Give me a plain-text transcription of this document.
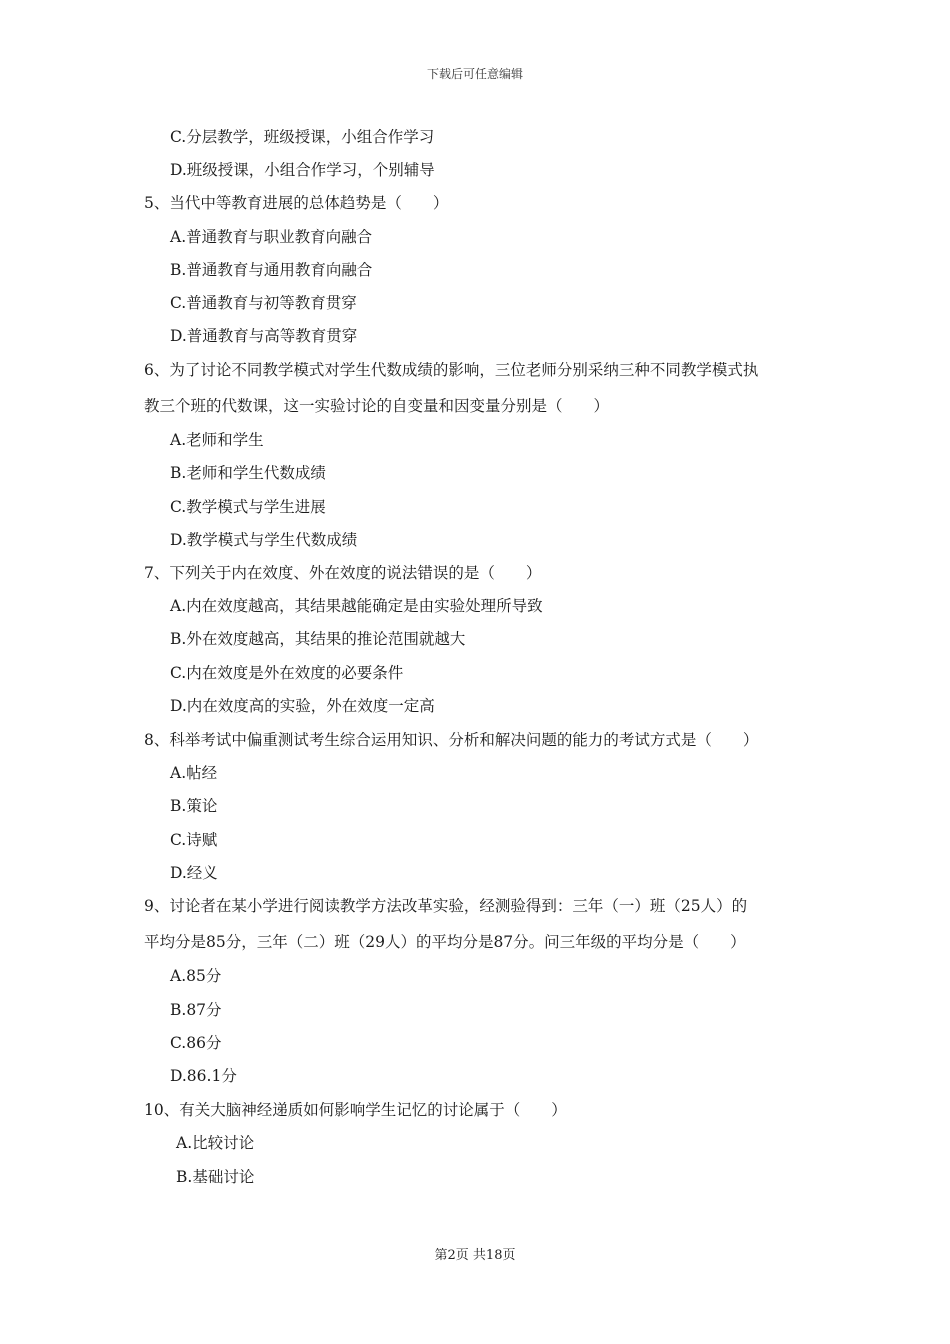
下载后可任意编辑
C.分层教学，班级授课，小组合作学习
D.班级授课，小组合作学习，个别辅导
5、当代中等教育进展的总体趋势是（　　）
A.普通教育与职业教育向融合
B.普通教育与通用教育向融合
C.普通教育与初等教育贯穿
D.普通教育与高等教育贯穿
6、为了讨论不同教学模式对学生代数成绩的影响，三位老师分别采纳三种不同教学模式执
教三个班的代数课，这一实验讨论的自变量和因变量分别是（　　）
A.老师和学生
B.老师和学生代数成绩
C.教学模式与学生进展
D.教学模式与学生代数成绩
7、下列关于内在效度、外在效度的说法错误的是（　　）
A.内在效度越高，其结果越能确定是由实验处理所导致
B.外在效度越高，其结果的推论范围就越大
C.内在效度是外在效度的必要条件
D.内在效度高的实验，外在效度一定高
8、科举考试中偏重测试考生综合运用知识、分析和解决问题的能力的考试方式是（　　）
A.帖经
B.策论
C.诗赋
D.经义
9、讨论者在某小学进行阅读教学方法改革实验，经测验得到：三年（一）班（25人）的
平均分是85分，三年（二）班（29人）的平均分是87分。问三年级的平均分是（　　）
A.85分
B.87分
C.86分
D.86.1分
10、有关大脑神经递质如何影响学生记忆的讨论属于（　　）
A.比较讨论
B.基础讨论
第2页 共18页
